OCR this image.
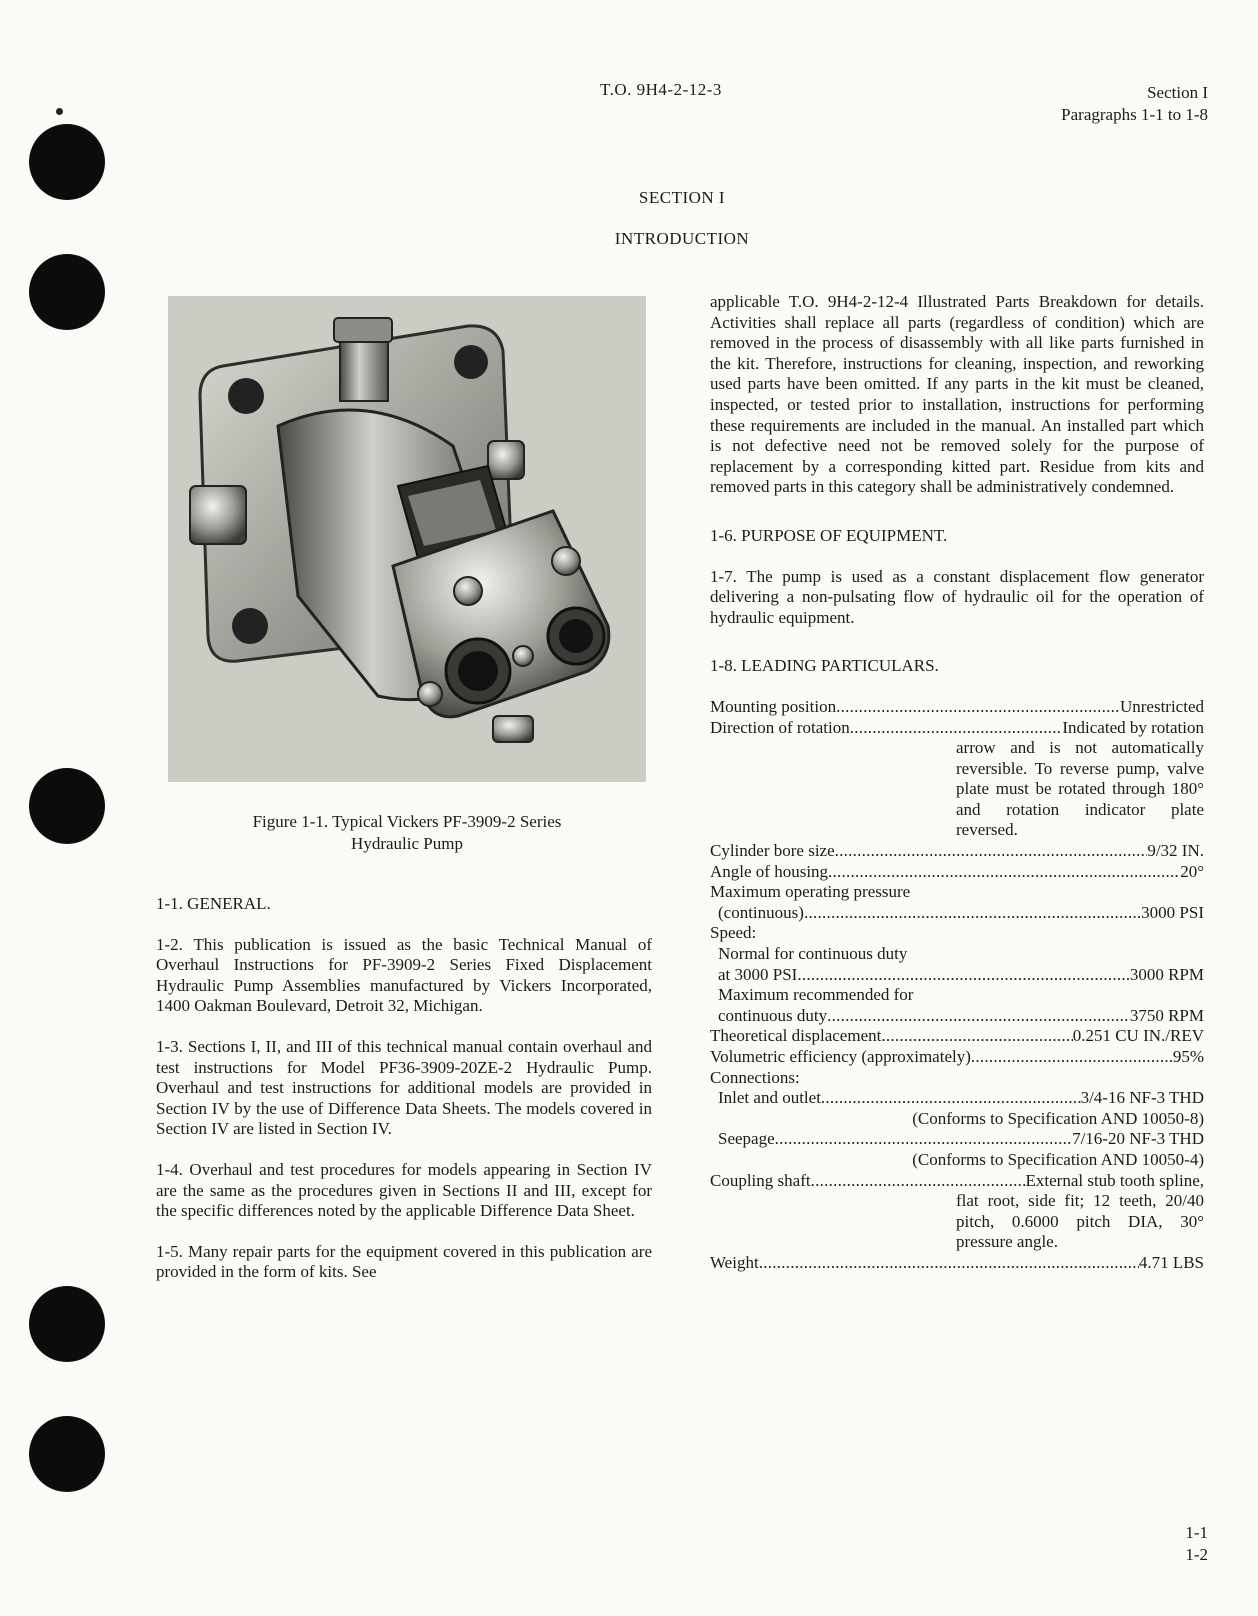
T.O. 9H4-2-12-3	Section I
Paragraphs 1-1 to 1-8
SECTION I
INTRODUCTION
Figure 1-1. Typical Vickers PF-3909-2 Series
Hydraulic Pump
1-1. GENERAL.
1-2. This publication is issued as the basic Technical Manual of Overhaul Instructions for PF-3909-2 Series Fixed Displacement Hydraulic Pump Assemblies manufactured by Vickers Incorporated, 1400 Oakman Boulevard, Detroit 32, Michigan.
1-3. Sections I, II, and III of this technical manual contain overhaul and test instructions for Model PF36-3909-20ZE-2 Hydraulic Pump. Overhaul and test instructions for additional models are provided in Section IV by the use of Difference Data Sheets. The models covered in Section IV are listed in Section IV.
1-4. Overhaul and test procedures for models appearing in Section IV are the same as the procedures given in Sections II and III, except for the specific differences noted by the applicable Difference Data Sheet.
1-5. Many repair parts for the equipment covered in this publication are provided in the form of kits. See
applicable T.O. 9H4-2-12-4 Illustrated Parts Breakdown for details. Activities shall replace all parts (regardless of condition) which are removed in the process of disassembly with all like parts furnished in the kit. Therefore, instructions for cleaning, inspection, and reworking used parts have been omitted. If any parts in the kit must be cleaned, inspected, or tested prior to installation, instructions for performing these requirements are included in the manual. An installed part which is not defective need not be removed solely for the purpose of replacement by a corresponding kitted part. Residue from kits and removed parts in this category shall be administratively condemned.
1-6. PURPOSE OF EQUIPMENT.
1-7. The pump is used as a constant displacement flow generator delivering a non-pulsating flow of hydraulic oil for the operation of hydraulic equipment.
1-8. LEADING PARTICULARS.
Mounting position . . .	Unrestricted
Direction of rotation . . .	Indicated by rotation
arrow and is not automatically reversible. To reverse pump, valve plate must be rotated through 180° and rotation indicator plate reversed.
Cylinder bore size . . .	9/32 IN.
Angle of housing . . .	20°
Maximum operating pressure
(continuous) . . .	3000 PSI
Speed:
Normal for continuous duty
at 3000 PSI . . .	3000 RPM
Maximum recommended for
continuous duty . . .	3750 RPM
Theoretical displacement . . .	0.251 CU IN./REV
Volumetric efficiency (approximately) . . .	95%
Connections:
Inlet and outlet . . .	3/4-16 NF-3 THD
(Conforms to Specification AND 10050-8)
Seepage . . .	7/16-20 NF-3 THD
(Conforms to Specification AND 10050-4)
Coupling shaft . . .	External stub tooth spline,
flat root, side fit; 12 teeth, 20/40 pitch, 0.6000 pitch DIA, 30° pressure angle.
Weight . . .	4.71 LBS
1-1
1-2
